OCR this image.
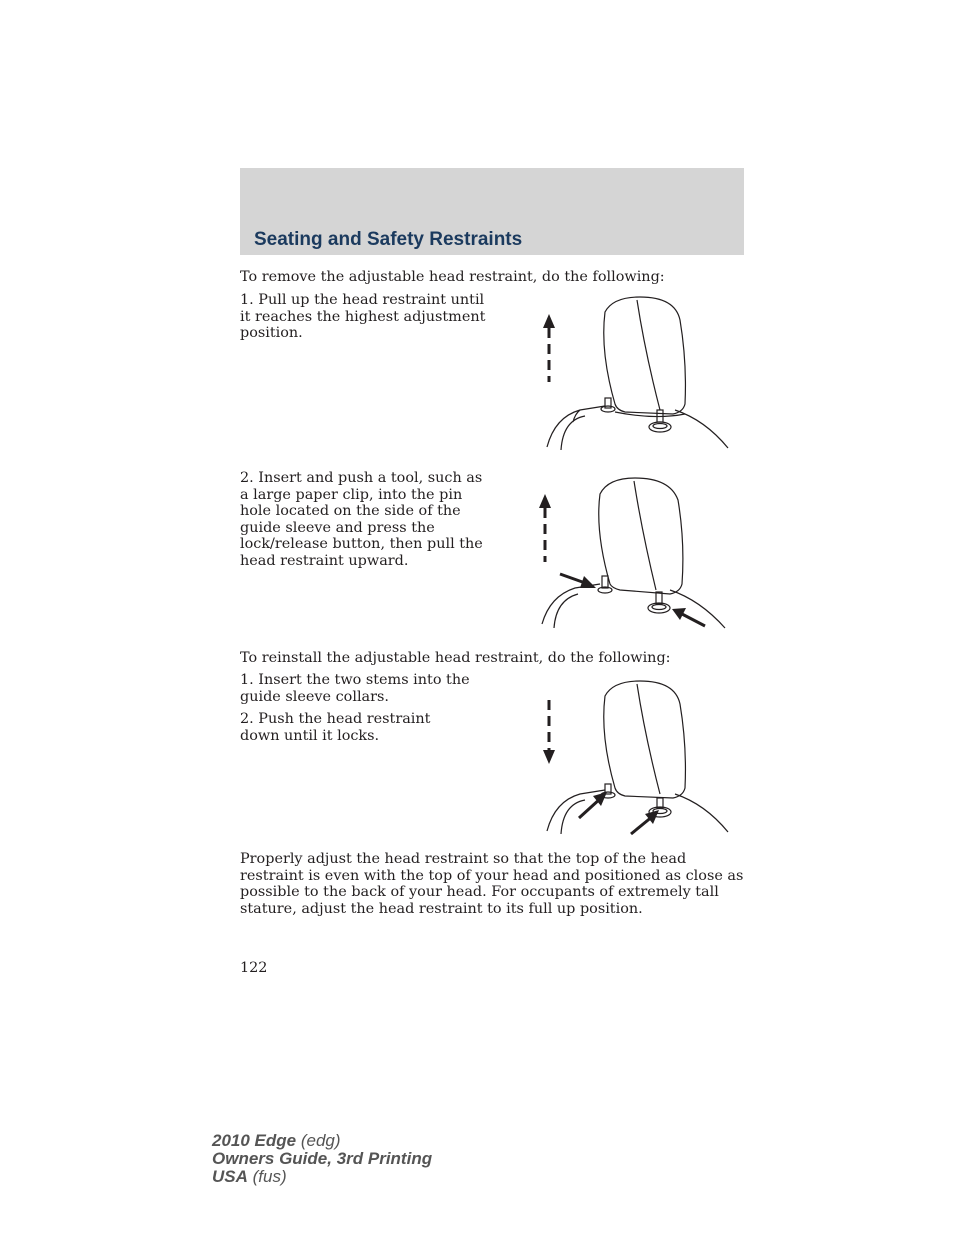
Seating and Safety Restraints

To remove the adjustable head restraint, do the following:

1. Pull up the head restraint until it reaches the highest adjustment position.

2. Insert and push a tool, such as a large paper clip, into the pin hole located on the side of the guide sleeve and press the lock/release button, then pull the head restraint upward.

To reinstall the adjustable head restraint, do the following:

1. Insert the two stems into the guide sleeve collars.

2. Push the head restraint down until it locks.

Properly adjust the head restraint so that the top of the head restraint is even with the top of your head and positioned as close as possible to the back of your head. For occupants of extremely tall stature, adjust the head restraint to its full up position.

122

2010 Edge (edg)
Owners Guide, 3rd Printing
USA (fus)
